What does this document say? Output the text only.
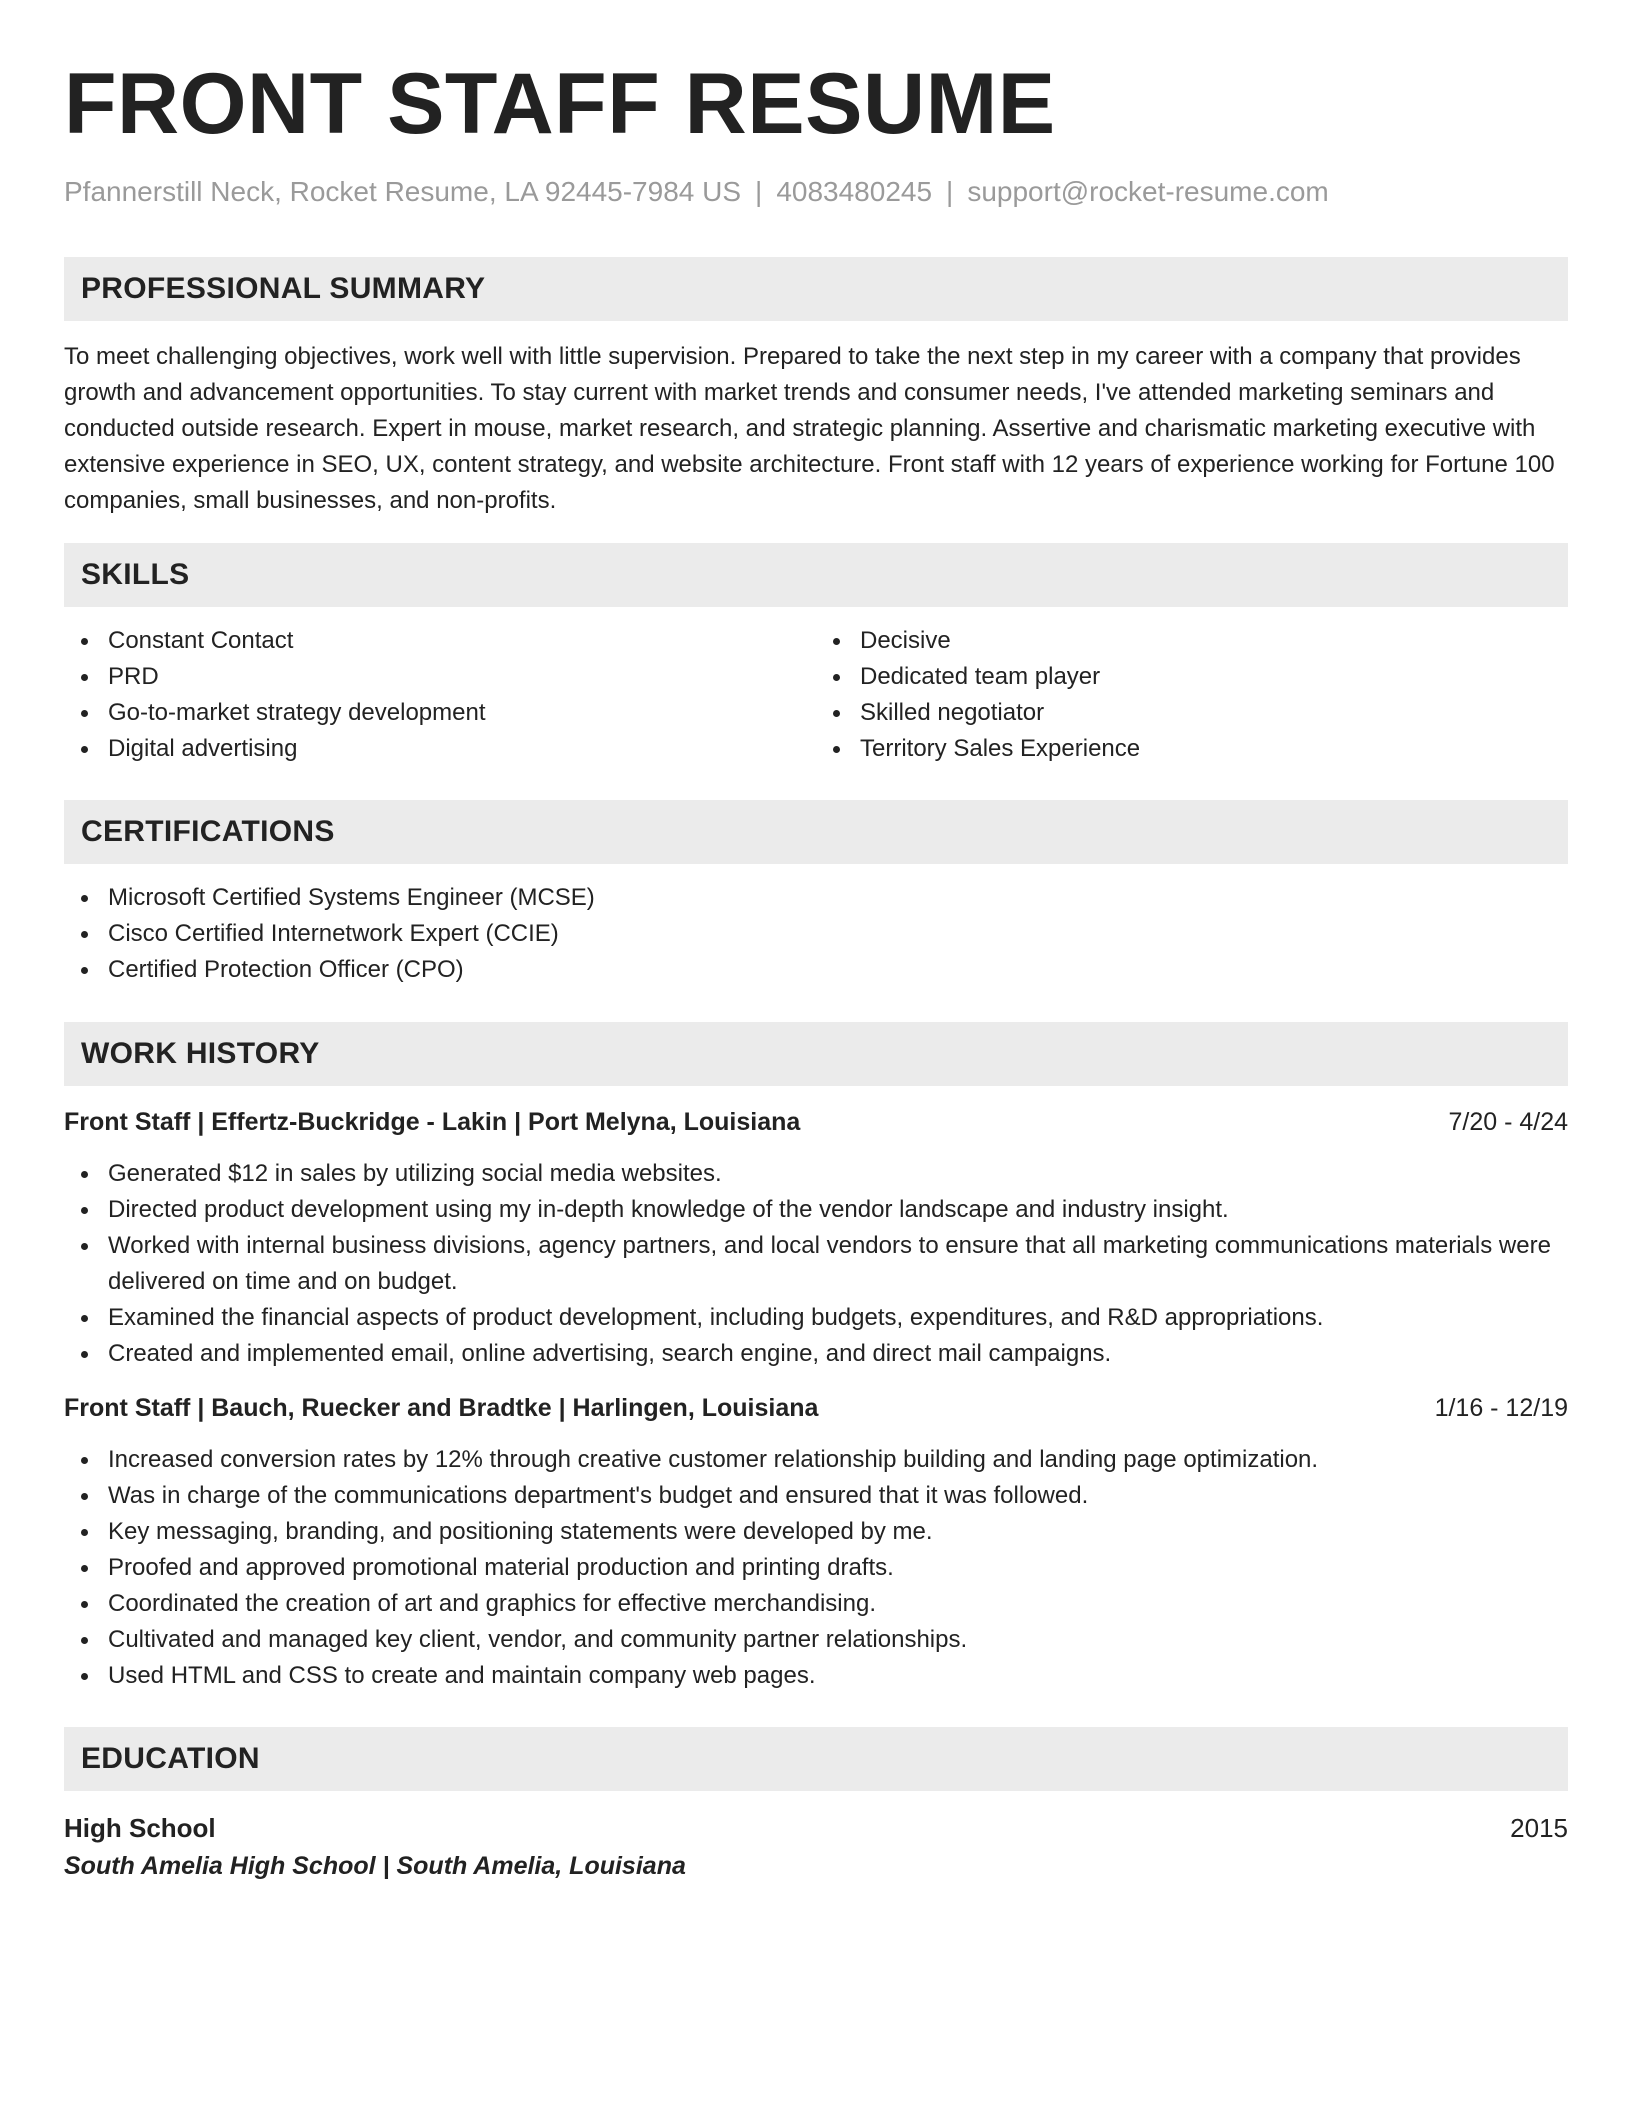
FRONT STAFF RESUME
Pfannerstill Neck, Rocket Resume, LA 92445-7984 US | 4083480245 | support@rocket-resume.com
PROFESSIONAL SUMMARY

To meet challenging objectives, work well with little supervision. Prepared to take the next step in my career with a company that provides growth and advancement opportunities. To stay current with market trends and consumer needs, I've attended marketing seminars and conducted outside research. Expert in mouse, market research, and strategic planning. Assertive and charismatic marketing executive with extensive experience in SEO, UX, content strategy, and website architecture. Front staff with 12 years of experience working for Fortune 100 companies, small businesses, and non-profits.

SKILLS
Constant Contact
PRD
Go-to-market strategy development
Digital advertising
Decisive
Dedicated team player
Skilled negotiator
Territory Sales Experience
CERTIFICATIONS
Microsoft Certified Systems Engineer (MCSE)
Cisco Certified Internetwork Expert (CCIE)
Certified Protection Officer (CPO)
WORK HISTORY
Front Staff | Effertz-Buckridge - Lakin | Port Melyna, Louisiana	7/20 - 4/24
Generated $12 in sales by utilizing social media websites.
Directed product development using my in-depth knowledge of the vendor landscape and industry insight.
Worked with internal business divisions, agency partners, and local vendors to ensure that all marketing communications materials were delivered on time and on budget.
Examined the financial aspects of product development, including budgets, expenditures, and R&D appropriations.
Created and implemented email, online advertising, search engine, and direct mail campaigns.
Front Staff | Bauch, Ruecker and Bradtke | Harlingen, Louisiana	1/16 - 12/19
Increased conversion rates by 12% through creative customer relationship building and landing page optimization.
Was in charge of the communications department's budget and ensured that it was followed.
Key messaging, branding, and positioning statements were developed by me.
Proofed and approved promotional material production and printing drafts.
Coordinated the creation of art and graphics for effective merchandising.
Cultivated and managed key client, vendor, and community partner relationships.
Used HTML and CSS to create and maintain company web pages.
EDUCATION
High School	2015
South Amelia High School | South Amelia, Louisiana
